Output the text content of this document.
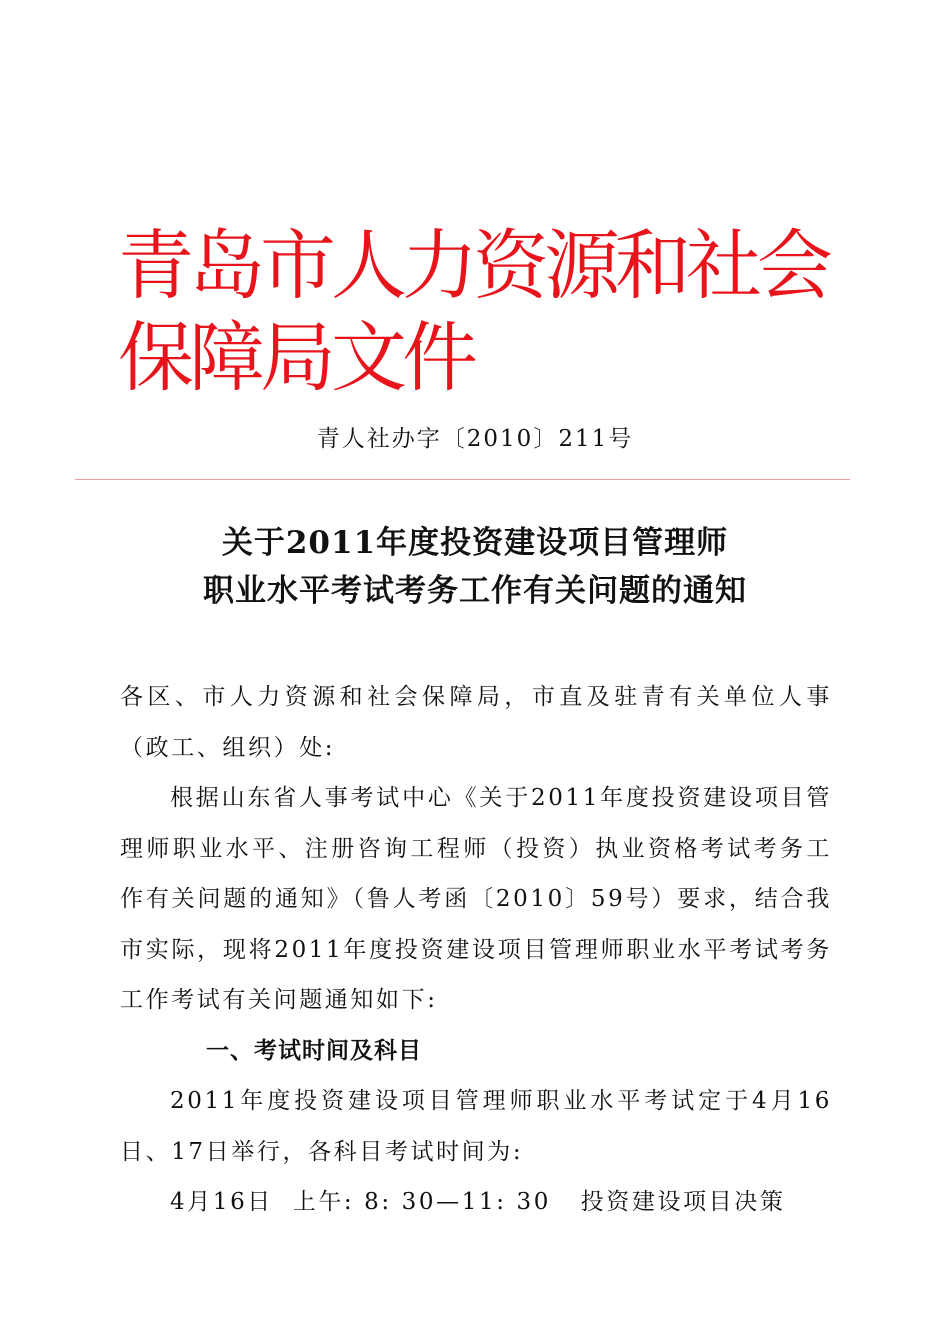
青岛市人力资源和社会保障局文件
青人社办字〔2010〕211号
关于2011年度投资建设项目管理师
职业水平考试考务工作有关问题的通知

各区、市人力资源和社会保障局，市直及驻青有关单位人事（政工、组织）处:

根据山东省人事考试中心《关于2011年度投资建设项目管理师职业水平、注册咨询工程师（投资）执业资格考试考务工作有关问题的通知》（鲁人考函〔2010〕59号）要求，结合我市实际，现将2011年度投资建设项目管理师职业水平考试考务工作考试有关问题通知如下:

一、考试时间及科目

2011年度投资建设项目管理师职业水平考试定于4月16日、17日举行，各科目考试时间为:

4月16日  上午: 8: 30—11: 30   投资建设项目决策
